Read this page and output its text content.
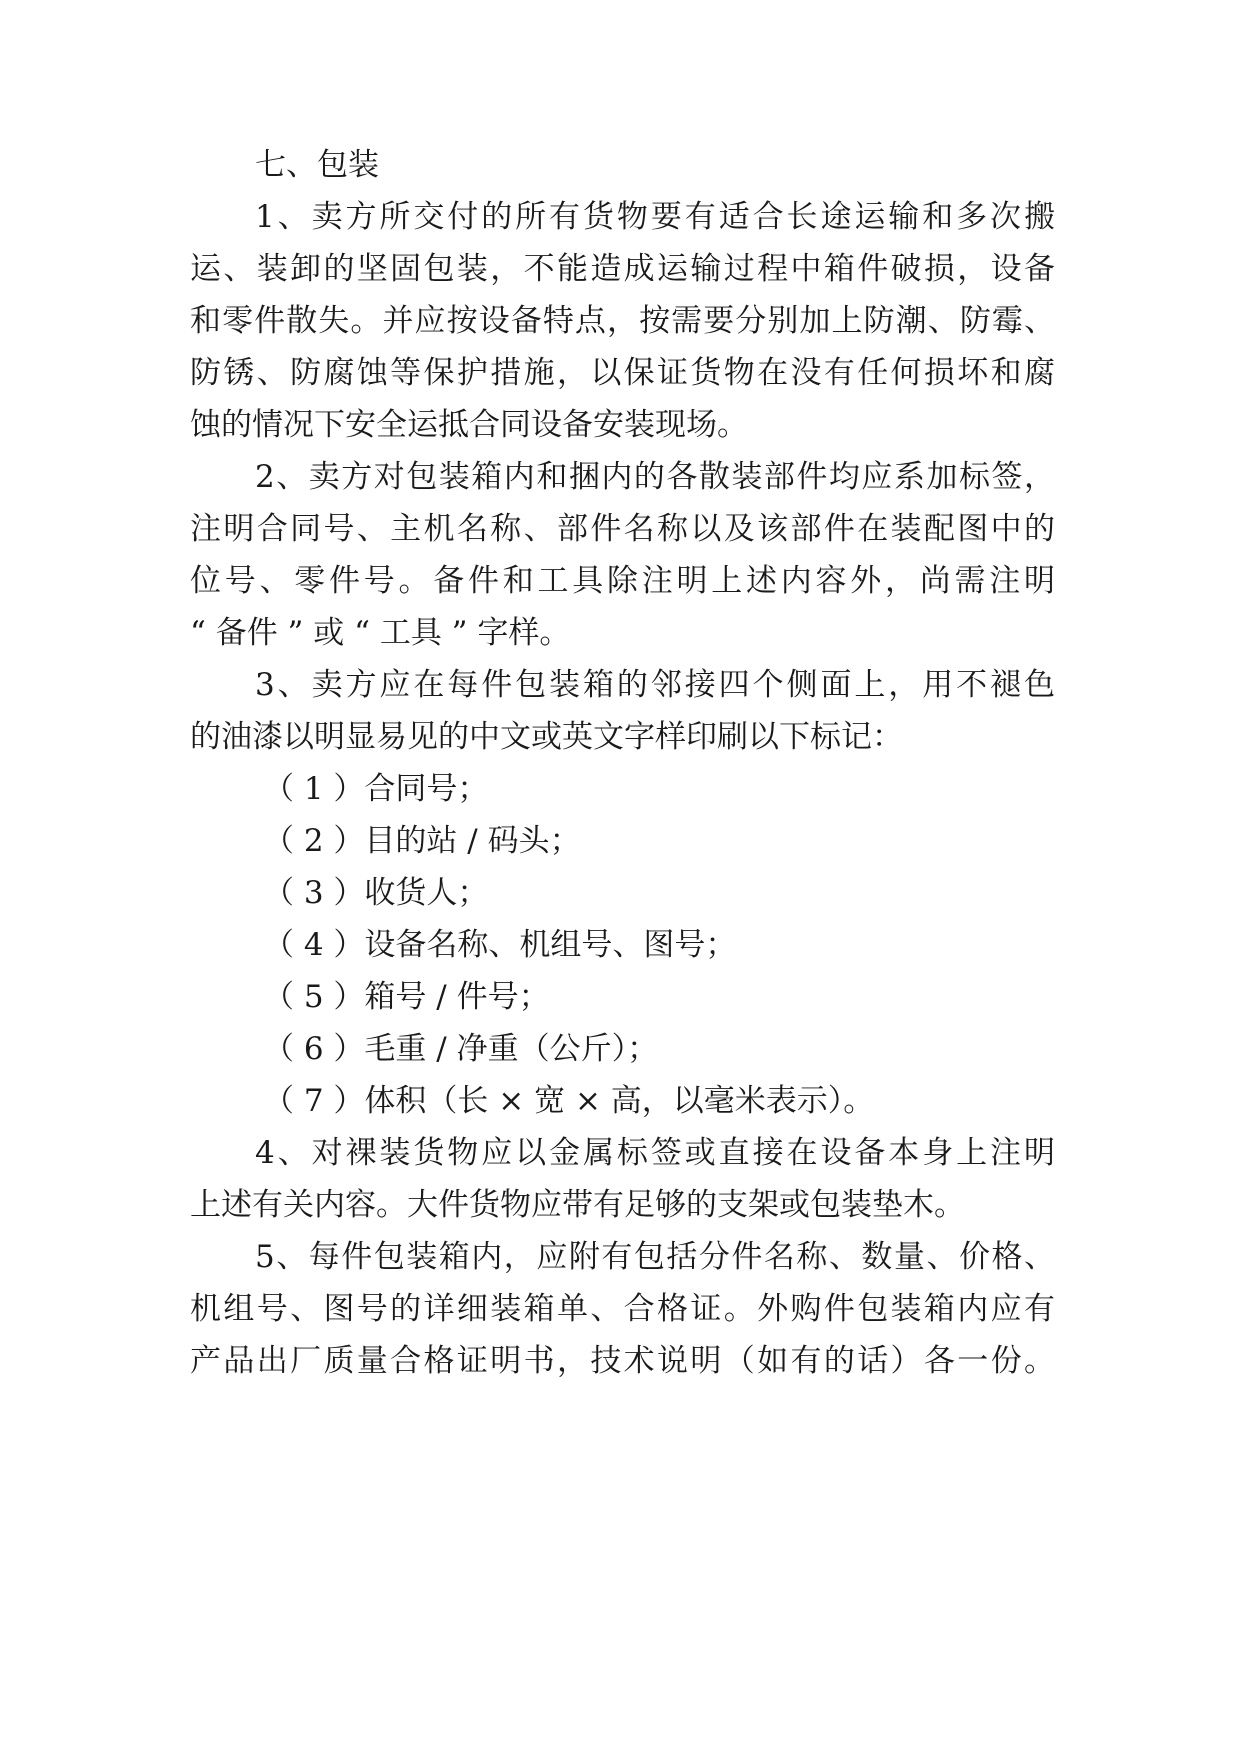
七、包装
1、卖方所交付的所有货物要有适合长途运输和多次搬
运、装卸的坚固包装，不能造成运输过程中箱件破损，设备
和零件散失。并应按设备特点，按需要分别加上防潮、防霉、
防锈、防腐蚀等保护措施，以保证货物在没有任何损坏和腐
蚀的情况下安全运抵合同设备安装现场。
2、卖方对包装箱内和捆内的各散装部件均应系加标签，
注明合同号、主机名称、部件名称以及该部件在装配图中的
位号、零件号。备件和工具除注明上述内容外，尚需注明
“ 备件 ” 或 “ 工具 ” 字样。
3、卖方应在每件包装箱的邻接四个侧面上，用不褪色
的油漆以明显易见的中文或英文字样印刷以下标记：
（ 1 ）合同号；
（ 2 ）目的站 / 码头；
（ 3 ）收货人；
（ 4 ）设备名称、机组号、图号；
（ 5 ）箱号 / 件号；
（ 6 ）毛重 / 净重（公斤）；
（ 7 ）体积（长 × 宽 × 高，以毫米表示）。
4、对裸装货物应以金属标签或直接在设备本身上注明
上述有关内容。大件货物应带有足够的支架或包装垫木。
5、每件包装箱内，应附有包括分件名称、数量、价格、
机组号、图号的详细装箱单、合格证。外购件包装箱内应有
产品出厂质量合格证明书，技术说明（如有的话）各一份。
